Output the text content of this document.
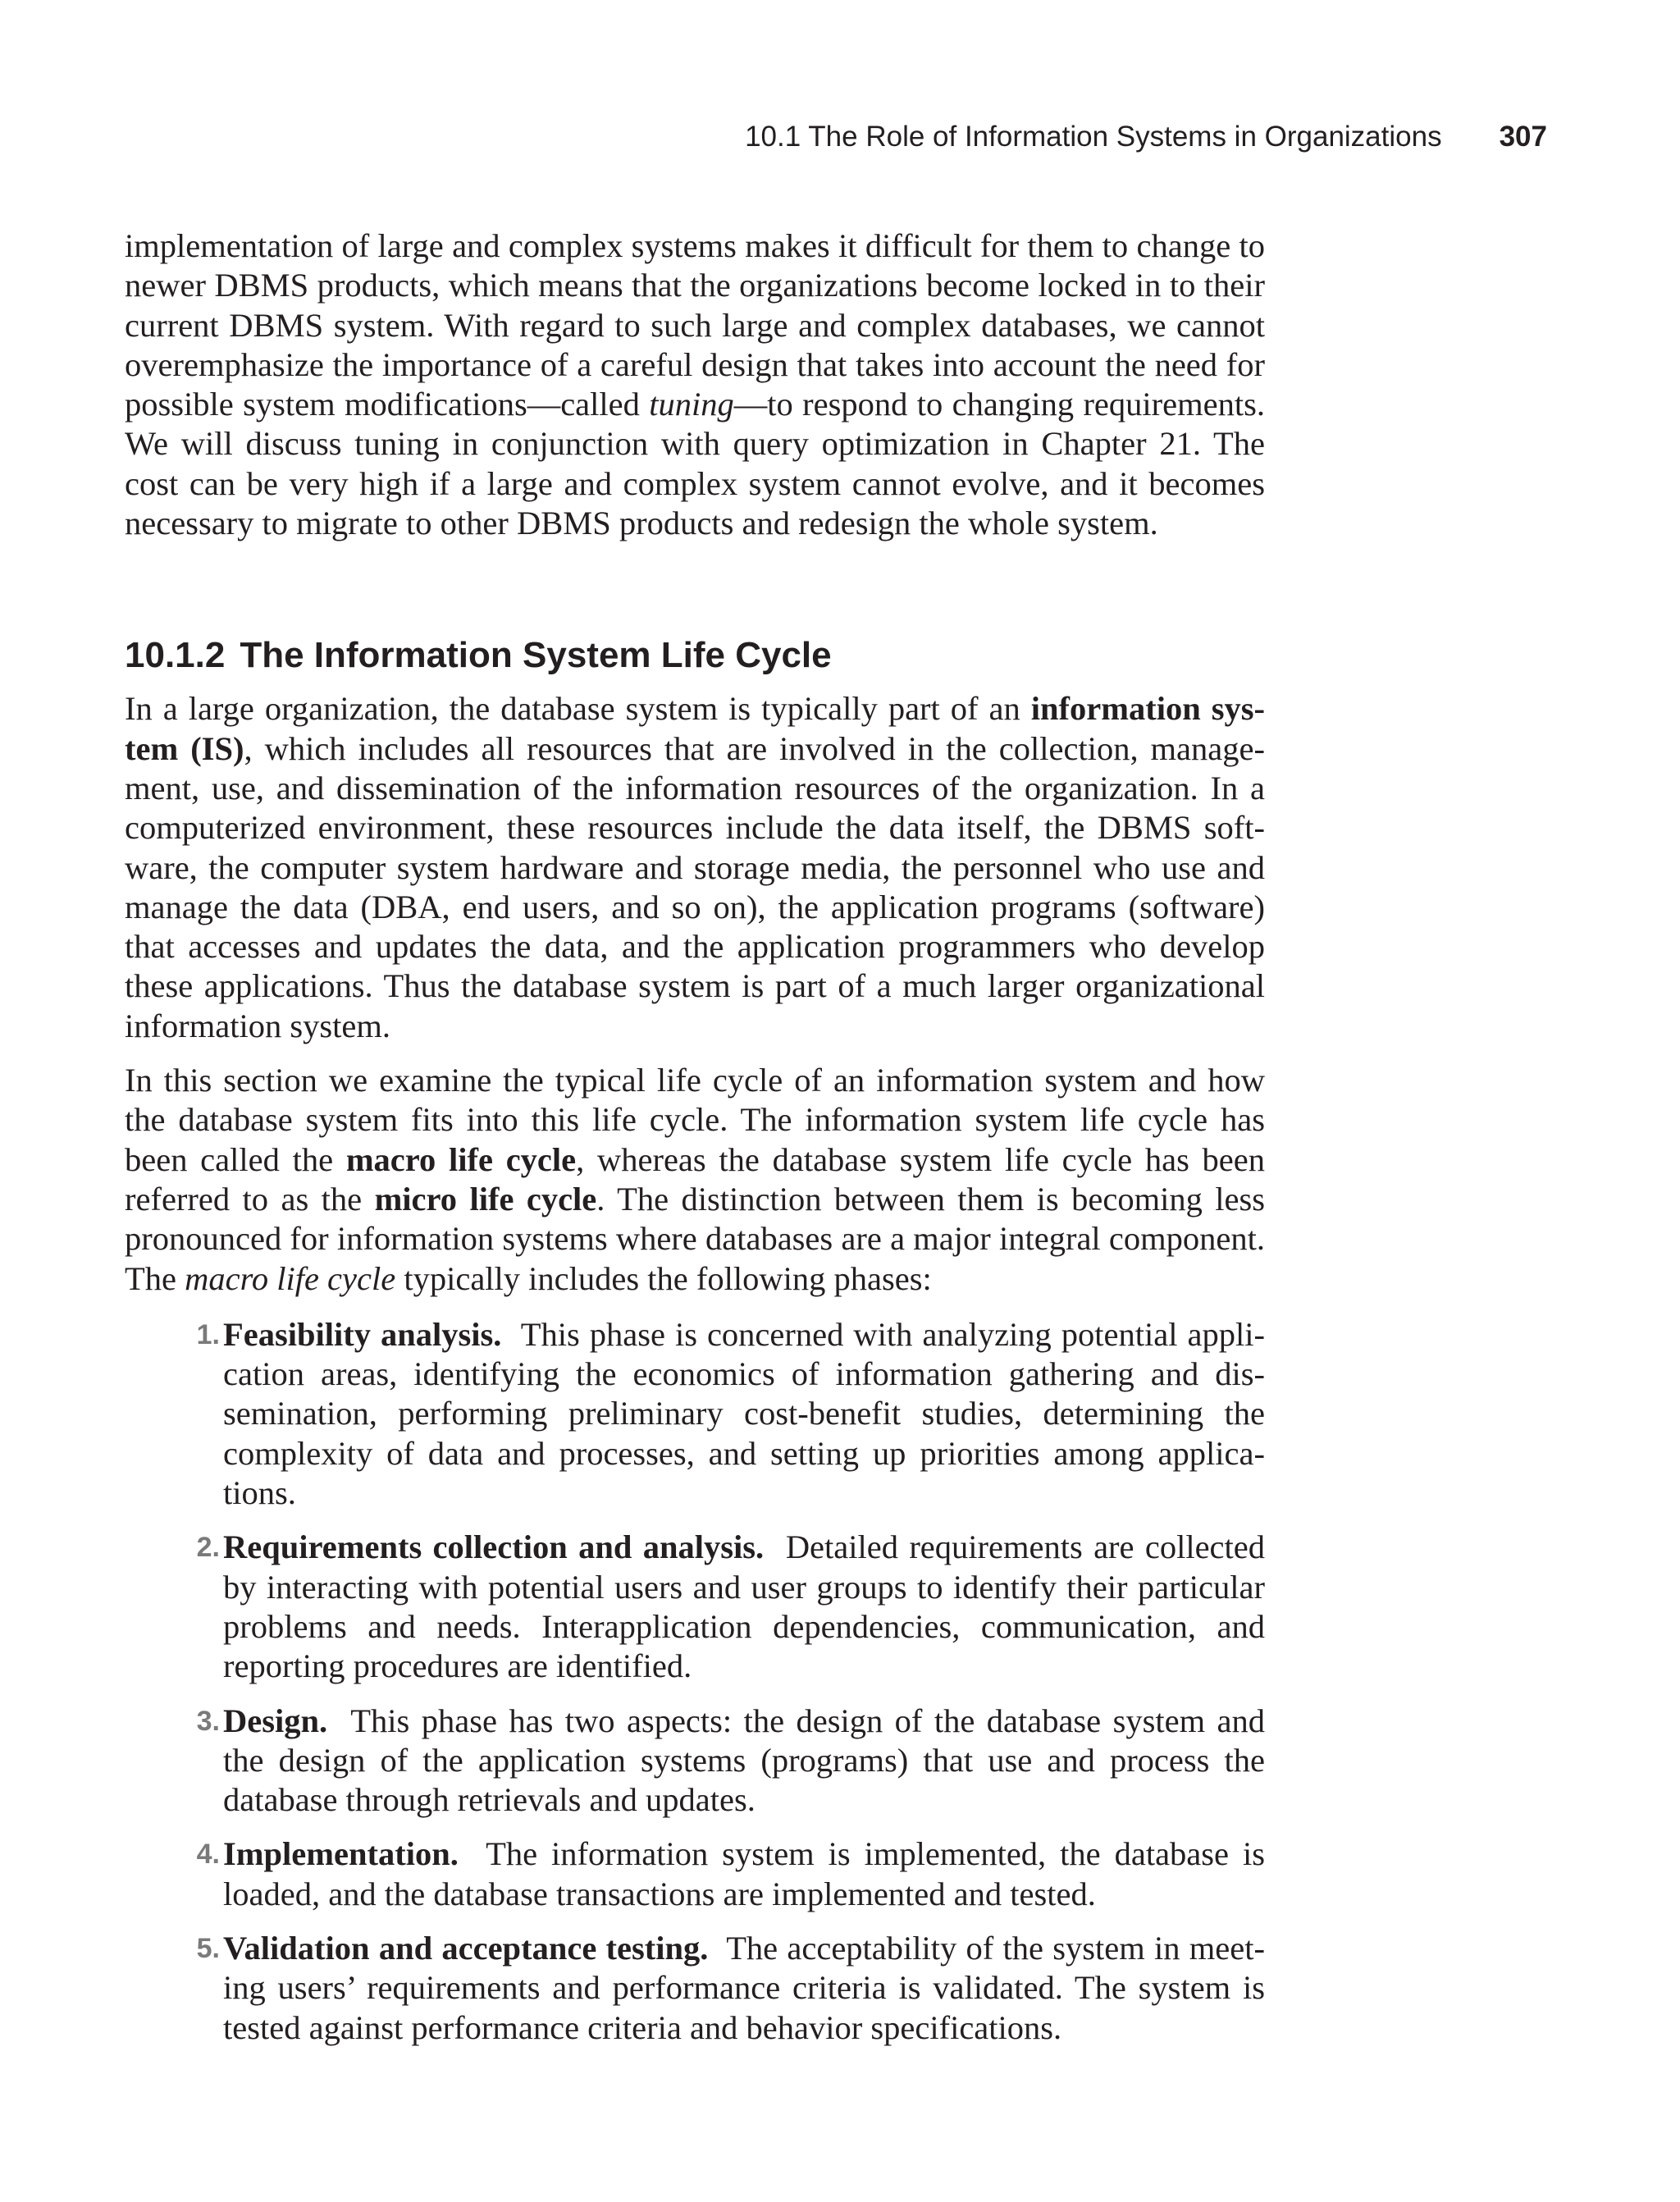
10.1 The Role of Information Systems in Organizations 307

implementation of large and complex systems makes it difficult for them to change to newer DBMS products, which means that the organizations become locked in to their current DBMS system. With regard to such large and complex databases, we cannot overemphasize the importance of a careful design that takes into account the need for possible system modifications—called tuning—to respond to changing requirements. We will discuss tuning in conjunction with query optimization in Chapter 21. The cost can be very high if a large and complex system cannot evolve, and it becomes necessary to migrate to other DBMS products and redesign the whole system.

10.1.2 The Information System Life Cycle

In a large organization, the database system is typically part of an information system (IS), which includes all resources that are involved in the collection, management, use, and dissemination of the information resources of the organization. In a computerized environment, these resources include the data itself, the DBMS software, the computer system hardware and storage media, the personnel who use and manage the data (DBA, end users, and so on), the application programs (software) that accesses and updates the data, and the application programmers who develop these applications. Thus the database system is part of a much larger organizational information system.

In this section we examine the typical life cycle of an information system and how the database system fits into this life cycle. The information system life cycle has been called the macro life cycle, whereas the database system life cycle has been referred to as the micro life cycle. The distinction between them is becoming less pronounced for information systems where databases are a major integral component. The macro life cycle typically includes the following phases:

1. Feasibility analysis. This phase is concerned with analyzing potential application areas, identifying the economics of information gathering and dissemination, performing preliminary cost-benefit studies, determining the complexity of data and processes, and setting up priorities among applications.
2. Requirements collection and analysis. Detailed requirements are collected by interacting with potential users and user groups to identify their particular problems and needs. Interapplication dependencies, communication, and reporting procedures are identified.
3. Design. This phase has two aspects: the design of the database system and the design of the application systems (programs) that use and process the database through retrievals and updates.
4. Implementation. The information system is implemented, the database is loaded, and the database transactions are implemented and tested.
5. Validation and acceptance testing. The acceptability of the system in meeting users’ requirements and performance criteria is validated. The system is tested against performance criteria and behavior specifications.
